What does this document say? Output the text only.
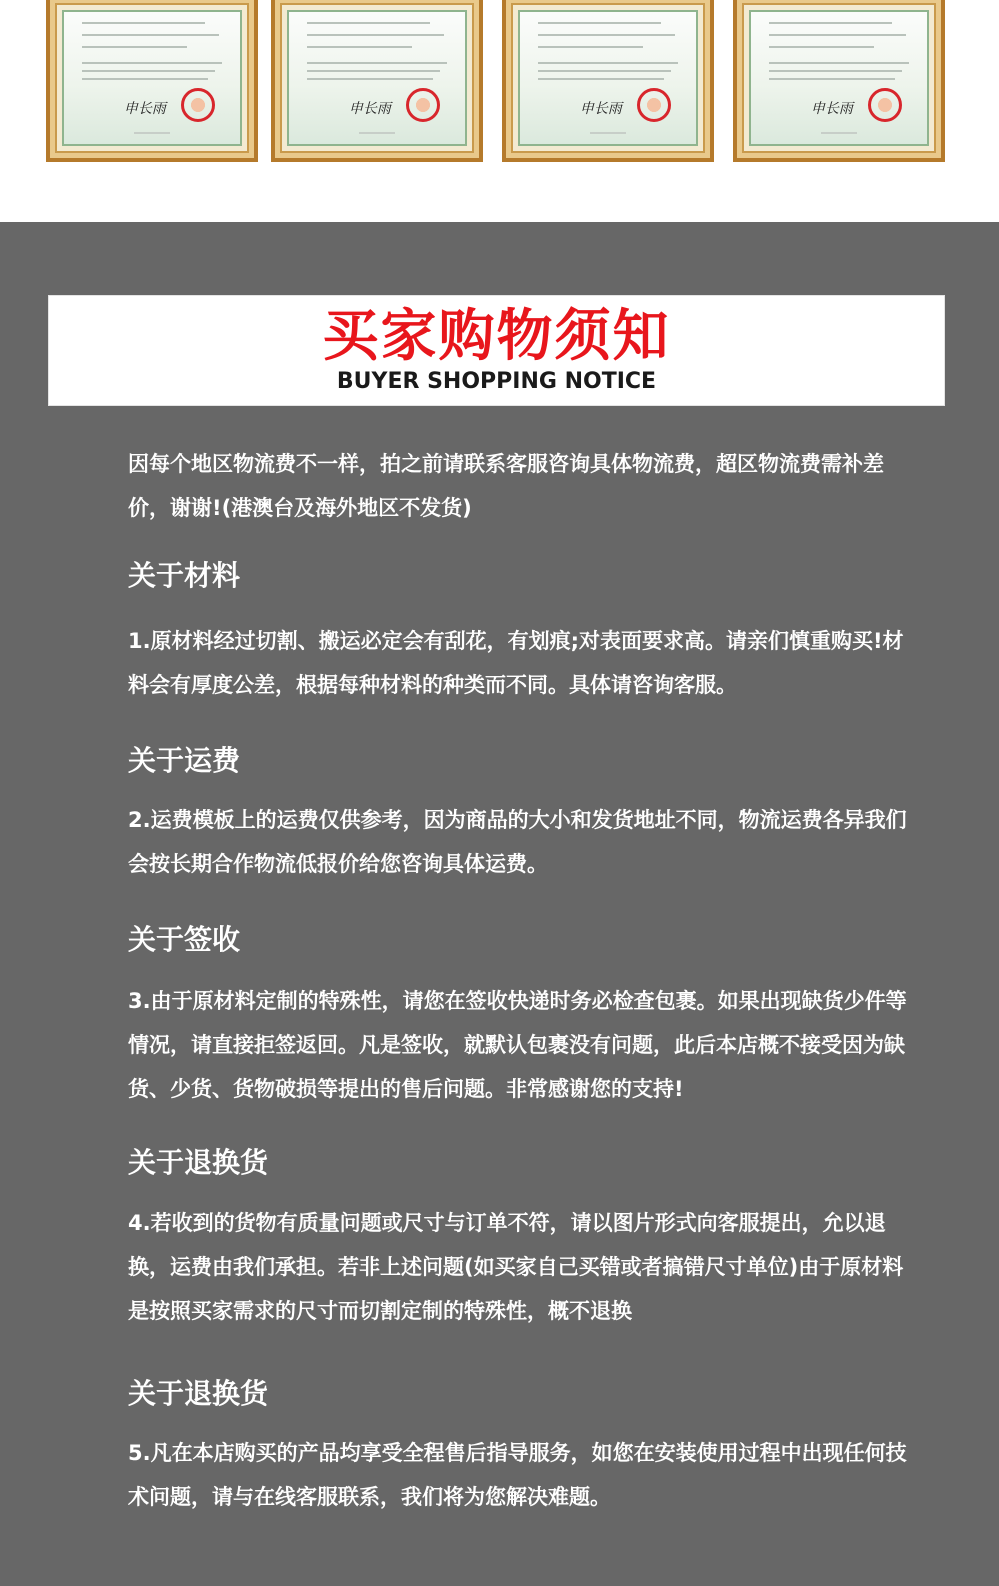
申长雨	申长雨	申长雨	申长雨
买家购物须知
BUYER SHOPPING NOTICE
因每个地区物流费不一样，拍之前请联系客服咨询具体物流费，超区物流费需补差价，谢谢!(港澳台及海外地区不发货)
关于材料
1.原材料经过切割、搬运必定会有刮花，有划痕;对表面要求高。请亲们慎重购买!材料会有厚度公差，根据每种材料的种类而不同。具体请咨询客服。
关于运费
2.运费模板上的运费仅供参考，因为商品的大小和发货地址不同，物流运费各异我们会按长期合作物流低报价给您咨询具体运费。
关于签收
3.由于原材料定制的特殊性，请您在签收快递时务必检查包裹。如果出现缺货少件等情况，请直接拒签返回。凡是签收，就默认包裹没有问题，此后本店概不接受因为缺货、少货、货物破损等提出的售后问题。非常感谢您的支持!
关于退换货
4.若收到的货物有质量问题或尺寸与订单不符，请以图片形式向客服提出，允以退换，运费由我们承担。若非上述问题(如买家自己买错或者搞错尺寸单位)由于原材料是按照买家需求的尺寸而切割定制的特殊性，概不退换
关于退换货
5.凡在本店购买的产品均享受全程售后指导服务，如您在安装使用过程中出现任何技术问题，请与在线客服联系，我们将为您解决难题。
